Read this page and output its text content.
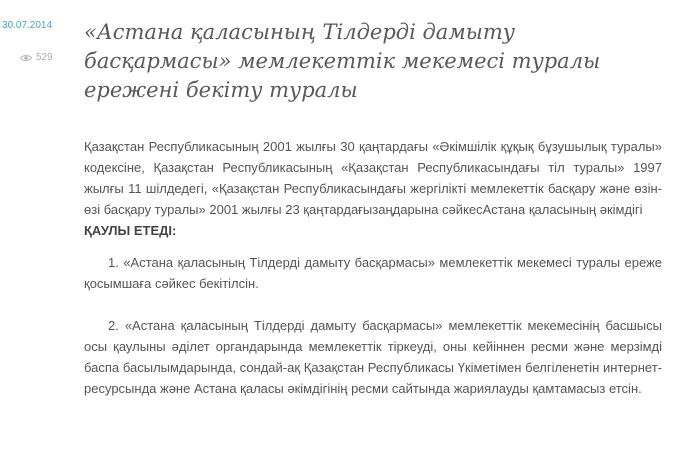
30.07.2014
529
«Астана қаласының Тілдерді дамыту басқармасы» мемлекеттік мекемесі туралы ережені бекіту туралы

Қазақстан Республикасының 2001 жылғы 30 қаңтардағы «Әкімшілік құқық бұзушылық туралы» кодексіне, Қазақстан Республикасының «Қазақстан Республикасындағы тіл туралы» 1997 жылғы 11 шілдедегі, «Қазақстан Республикасындағы жергілікті мемлекеттік басқару және өзін-өзі басқару туралы» 2001 жылғы 23 қаңтардағызаңдарына сәйкесАстана қаласының әкімдігі
ҚАУЛЫ ЕТЕДІ:

1. «Астана қаласының Тілдерді дамыту басқармасы» мемлекеттік мекемесі туралы ереже қосымшаға сәйкес бекітілсін.

2. «Астана қаласының Тілдерді дамыту басқармасы» мемлекеттік мекемесінің басшысы осы қаулыны әділет органдарында мемлекеттік тіркеуді, оны кейіннен ресми және мерзімді баспа басылымдарында, сондай-ақ Қазақстан Республикасы Үкіметімен белгіленетін интернет-ресурсында және Астана қаласы әкімдігінің ресми сайтында жариялауды қамтамасыз етсін.
